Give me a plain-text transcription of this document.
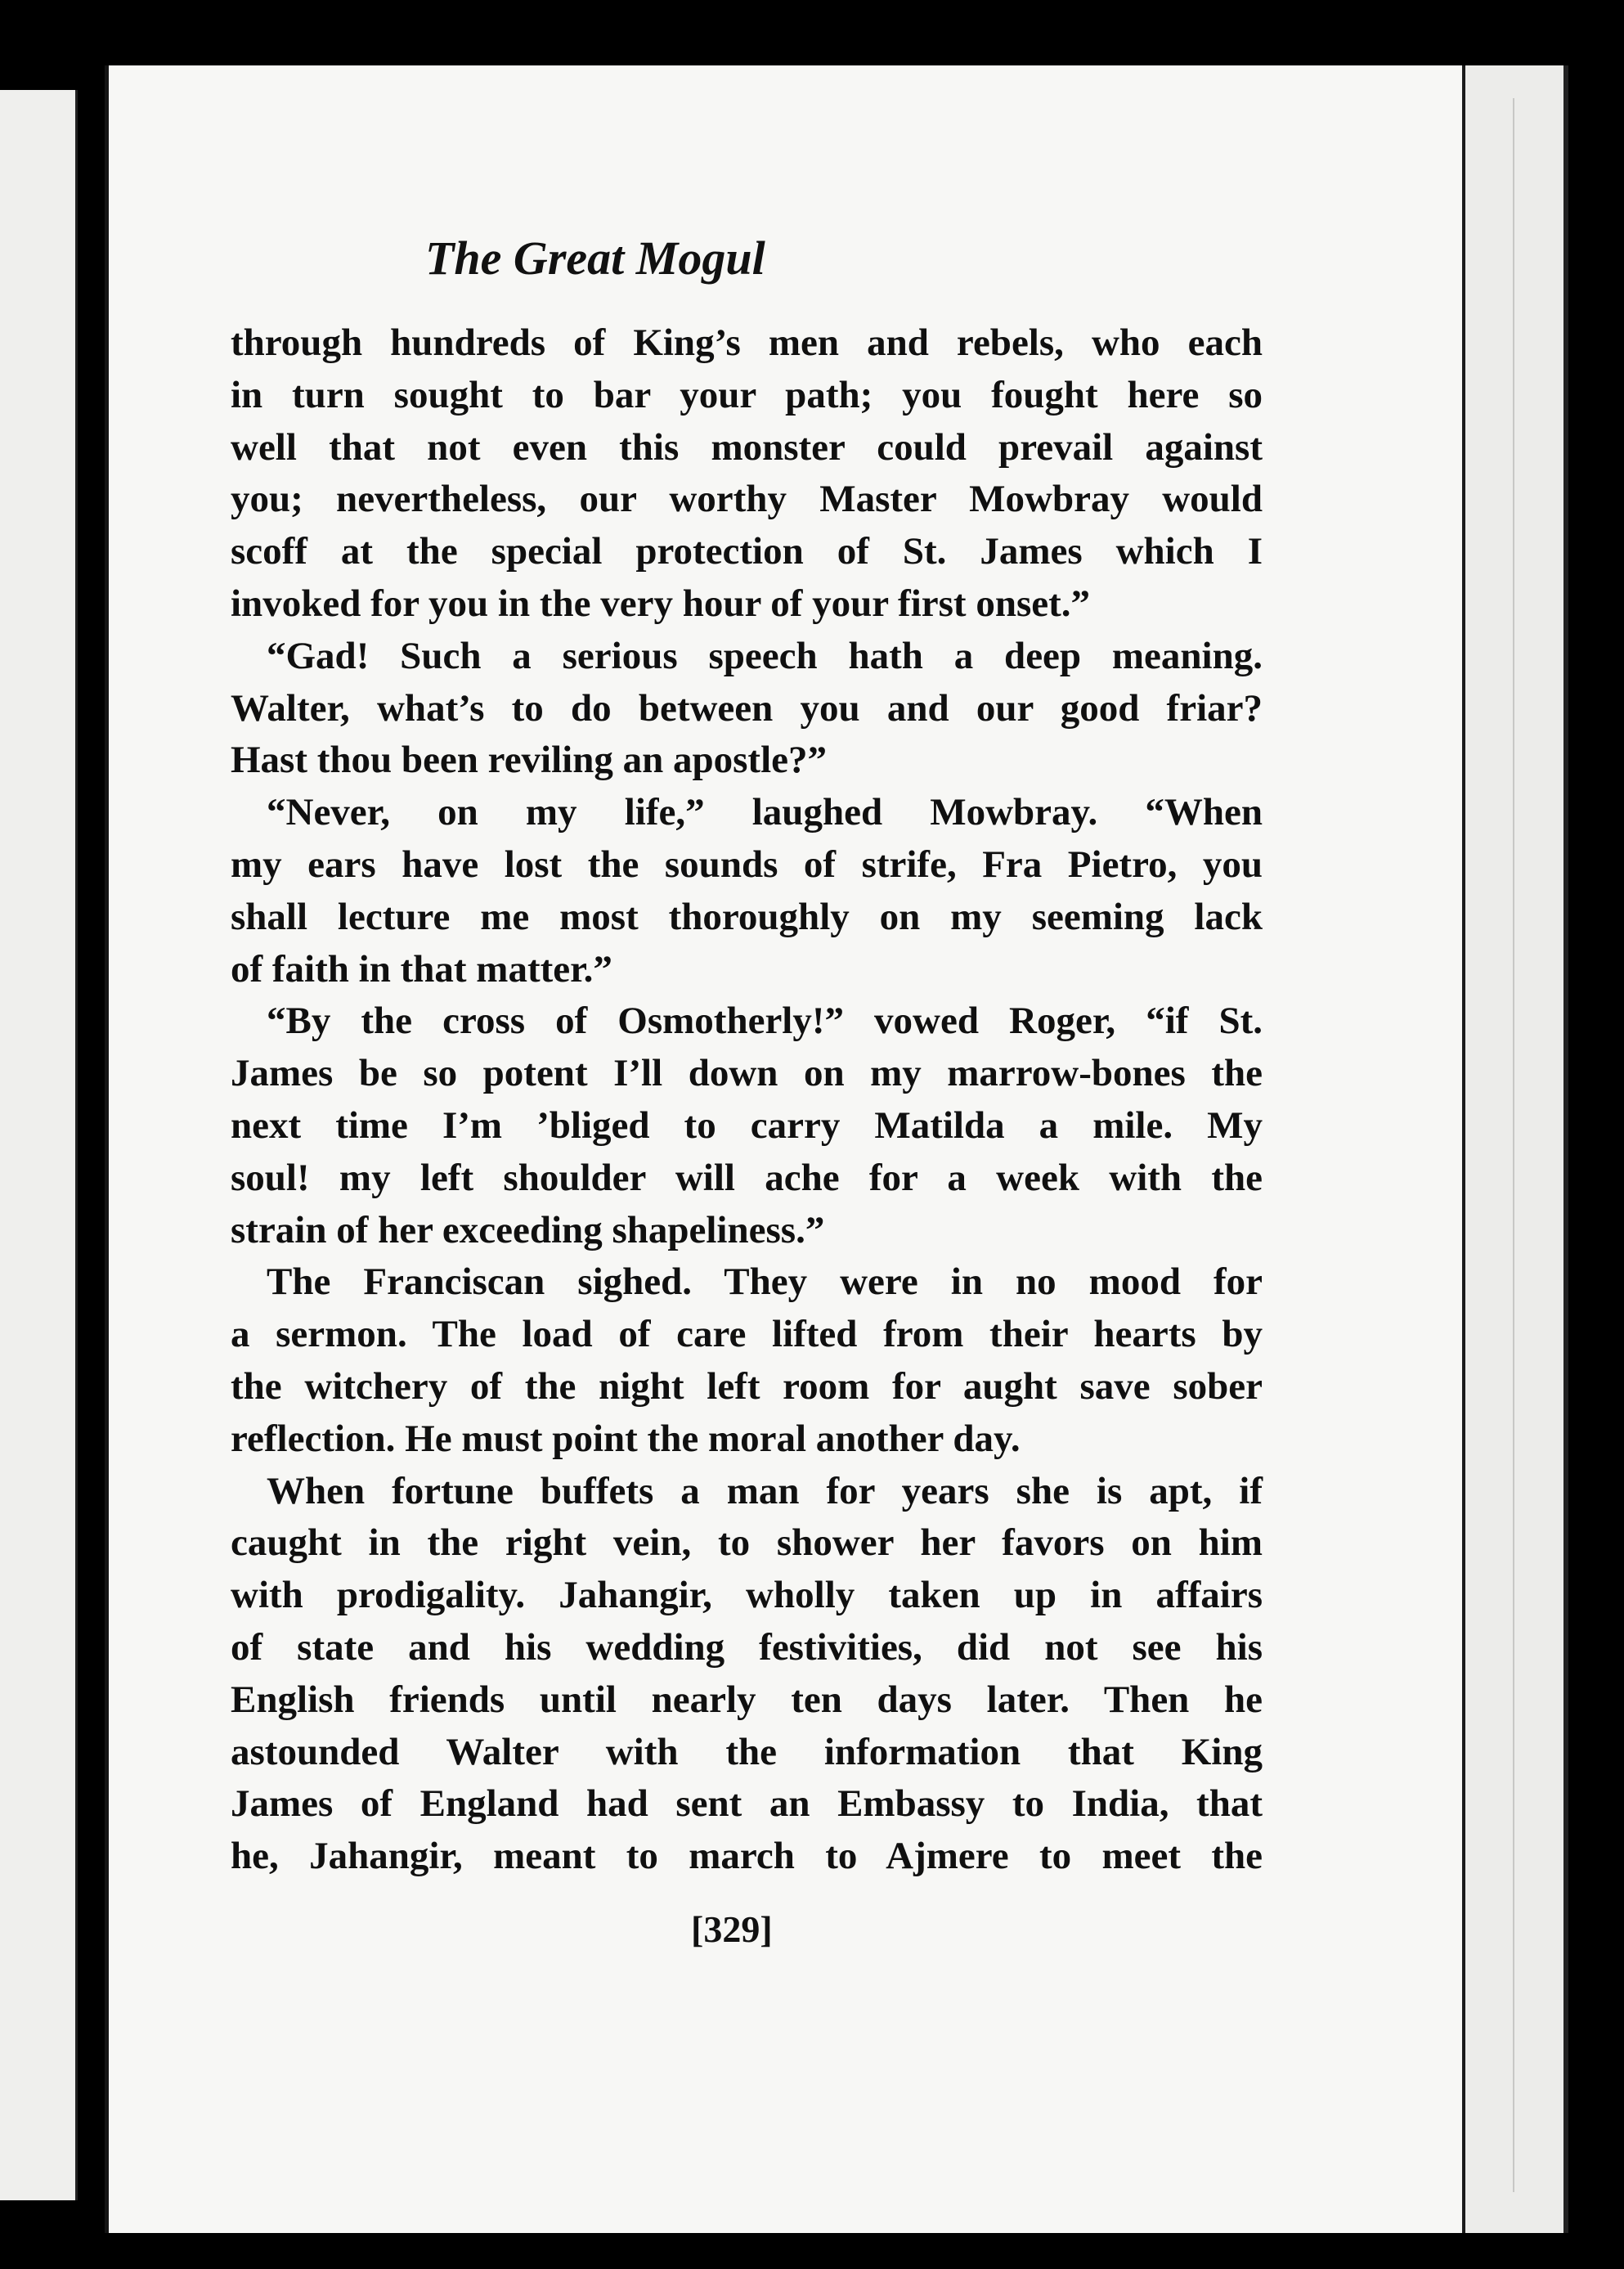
The Great Mogul

through hundreds of King’s men and rebels, who each
in turn sought to bar your path; you fought here so
well that not even this monster could prevail against
you; nevertheless, our worthy Master Mowbray would
scoff at the special protection of St. James which I

invoked for you in the very hour of your first onset.”

“Gad! Such a serious speech hath a deep meaning.
Walter, what’s to do between you and our good friar?

Hast thou been reviling an apostle?”

“Never, on my life,” laughed Mowbray. “When
my ears have lost the sounds of strife, Fra Pietro, you
shall lecture me most thoroughly on my seeming lack

of faith in that matter.”

“By the cross of Osmotherly!” vowed Roger, “if St.
James be so potent I’ll down on my marrow-bones the
next time I’m ’bliged to carry Matilda a mile. My
soul! my left shoulder will ache for a week with the

strain of her exceeding shapeliness.”

The Franciscan sighed. They were in no mood for
a sermon. The load of care lifted from their hearts by
the witchery of the night left room for aught save sober

reflection. He must point the moral another day.

When fortune buffets a man for years she is apt, if
caught in the right vein, to shower her favors on him
with prodigality. Jahangir, wholly taken up in affairs
of state and his wedding festivities, did not see his
English friends until nearly ten days later. Then he
astounded Walter with the information that King
James of England had sent an Embassy to India, that

he, Jahangir, meant to march to Ajmere to meet the

[329]
